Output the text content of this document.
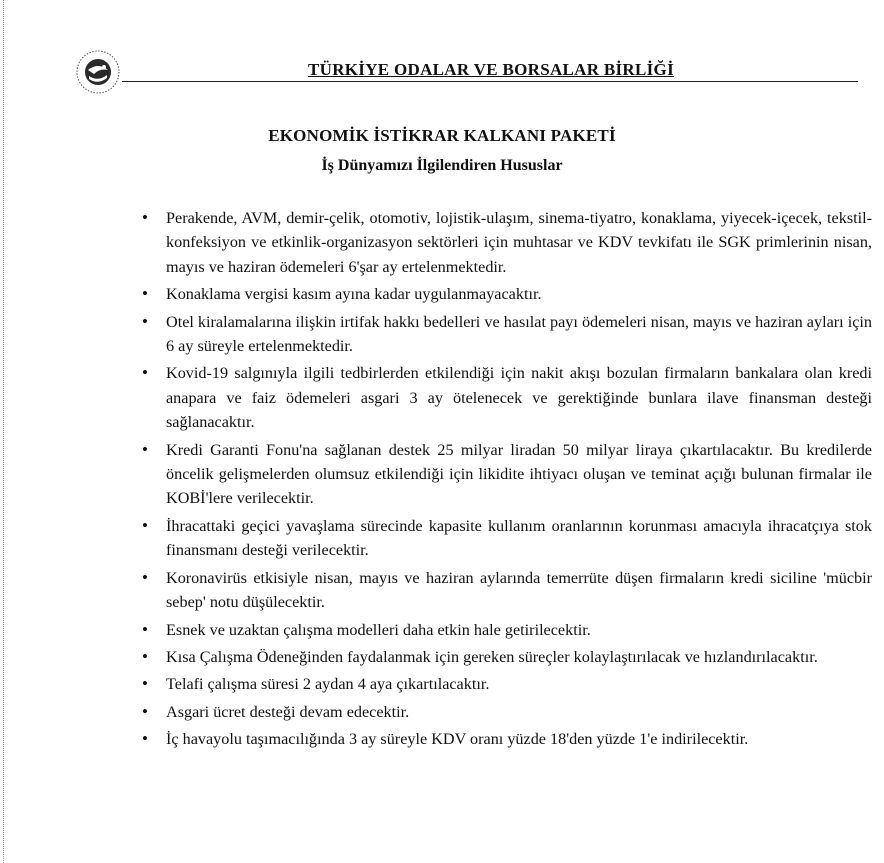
TÜRKİYE ODALAR VE BORSALAR BİRLİĞİ
EKONOMİK İSTİKRAR KALKANI PAKETİ
İş Dünyamızı İlgilendiren Hususlar
• Perakende, AVM, demir-çelik, otomotiv, lojistik-ulaşım, sinema-tiyatro, konaklama, yiyecek-içecek, tekstil-konfeksiyon ve etkinlik-organizasyon sektörleri için muhtasar ve KDV tevkifatı ile SGK primlerinin nisan, mayıs ve haziran ödemeleri 6'şar ay ertelenmektedir.
• Konaklama vergisi kasım ayına kadar uygulanmayacaktır.
• Otel kiralamalarına ilişkin irtifak hakkı bedelleri ve hasılat payı ödemeleri nisan, mayıs ve haziran ayları için 6 ay süreyle ertelenmektedir.
• Kovid-19 salgınıyla ilgili tedbirlerden etkilendiği için nakit akışı bozulan firmaların bankalara olan kredi anapara ve faiz ödemeleri asgari 3 ay ötelenecek ve gerektiğinde bunlara ilave finansman desteği sağlanacaktır.
• Kredi Garanti Fonu'na sağlanan destek 25 milyar liradan 50 milyar liraya çıkartılacaktır. Bu kredilerde öncelik gelişmelerden olumsuz etkilendiği için likidite ihtiyacı oluşan ve teminat açığı bulunan firmalar ile KOBİ'lere verilecektir.
• İhracattaki geçici yavaşlama sürecinde kapasite kullanım oranlarının korunması amacıyla ihracatçıya stok finansmanı desteği verilecektir.
• Koronavirüs etkisiyle nisan, mayıs ve haziran aylarında temerrüte düşen firmaların kredi siciline 'mücbir sebep' notu düşülecektir.
• Esnek ve uzaktan çalışma modelleri daha etkin hale getirilecektir.
• Kısa Çalışma Ödeneğinden faydalanmak için gereken süreçler kolaylaştırılacak ve hızlandırılacaktır.
• Telafi çalışma süresi 2 aydan 4 aya çıkartılacaktır.
• Asgari ücret desteği devam edecektir.
• İç havayolu taşımacılığında 3 ay süreyle KDV oranı yüzde 18'den yüzde 1'e indirilecektir.
